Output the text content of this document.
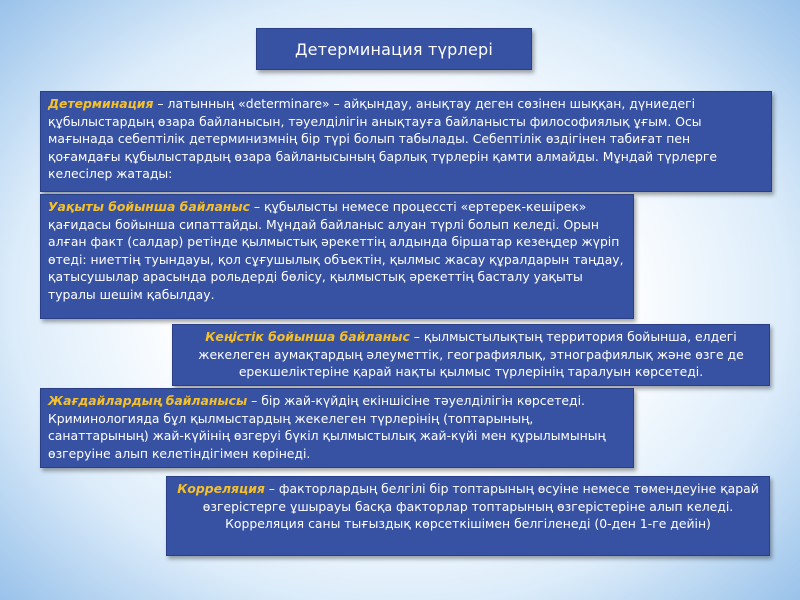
Детерминация түрлері
Детерминация – латынның «determinare» – айқындау, анықтау деген сөзінен шыққан, дүниедегі құбылыстардың өзара байланысын, тәуелділігін анықтауға байланысты философиялық ұғым. Осы мағынада себептілік детерминизмнің бір түрі болып табылады. Себептілік өздігінен табиғат пен қоғамдағы құбылыстардың өзара байланысының барлық түрлерін қамти алмайды. Мұндай түрлерге келесілер жатады:
Уақыты бойынша байланыс – құбылысты немесе процессті «ертерек-кешірек» қағидасы бойынша сипаттайды. Мұндай байланыс алуан түрлі болып келеді. Орын алған факт (салдар) ретінде қылмыстық әрекеттің алдында біршатар кезеңдер жүріп өтеді: ниеттің туындауы, қол сұғушылық объектін, қылмыс жасау құралдарын таңдау, қатысушылар арасында рольдерді бөлісу, қылмыстық әрекеттің басталу уақыты туралы шешім қабылдау.
Кеңістік бойынша байланыс – қылмыстылықтың территория бойынша, елдегі жекелеген аумақтардың әлеуметтік, географиялық, этнографиялық және өзге де ерекшеліктеріне қарай нақты қылмыс түрлерінің таралуын көрсетеді.
Жағдайлардың байланысы – бір жай-күйдің екіншісіне тәуелділігін көрсетеді. Криминологияда бұл қылмыстардың жекелеген түрлерінің (топтарының, санаттарының) жай-күйінің өзгеруі бүкіл қылмыстылық жай-күйі мен құрылымының өзгеруіне алып келетіндігімен көрінеді.
Корреляция – факторлардың белгілі бір топтарының өсуіне немесе төмендеуіне қарай өзгерістерге ұшырауы басқа факторлар топтарының өзгерістеріне алып келеді. Корреляция саны тығыздық көрсеткішімен белгіленеді (0-ден 1-ге дейін)
